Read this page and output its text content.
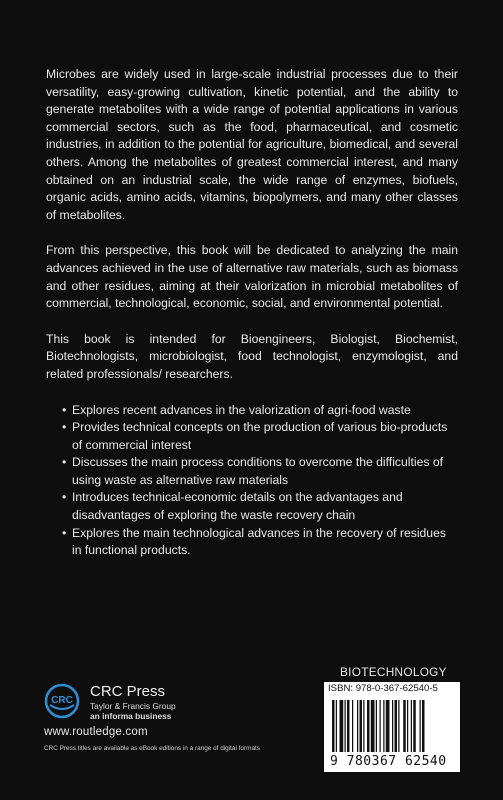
Microbes are widely used in large-scale industrial processes due to their versatility, easy-growing cultivation, kinetic potential, and the ability to generate metabolites with a wide range of potential applications in various commercial sectors, such as the food, pharmaceutical, and cosmetic industries, in addition to the potential for agriculture, biomedical, and several others. Among the metabolites of greatest commercial interest, and many obtained on an industrial scale, the wide range of enzymes, biofuels, organic acids, amino acids, vitamins, biopolymers, and many other classes of metabolites.

From this perspective, this book will be dedicated to analyzing the main advances achieved in the use of alternative raw materials, such as biomass and other residues, aiming at their valorization in microbial metabolites of commercial, technological, economic, social, and environmental potential.

This book is intended for Bioengineers, Biologist, Biochemist, Biotechnologists, microbiologist, food technologist, enzymologist, and related professionals/ researchers.

• Explores recent advances in the valorization of agri-food waste
• Provides technical concepts on the production of various bio-products of commercial interest
• Discusses the main process conditions to overcome the difficulties of using waste as alternative raw materials
• Introduces technical-economic details on the advantages and disadvantages of exploring the waste recovery chain
• Explores the main technological advances in the recovery of residues in functional products.
CRC
CRC Press
Taylor & Francis Group
an informa business
www.routledge.com
CRC Press titles are available as eBook editions in a range of digital formats
BIOTECHNOLOGY
ISBN: 978-0-367-62540-5
9 780367 62540
